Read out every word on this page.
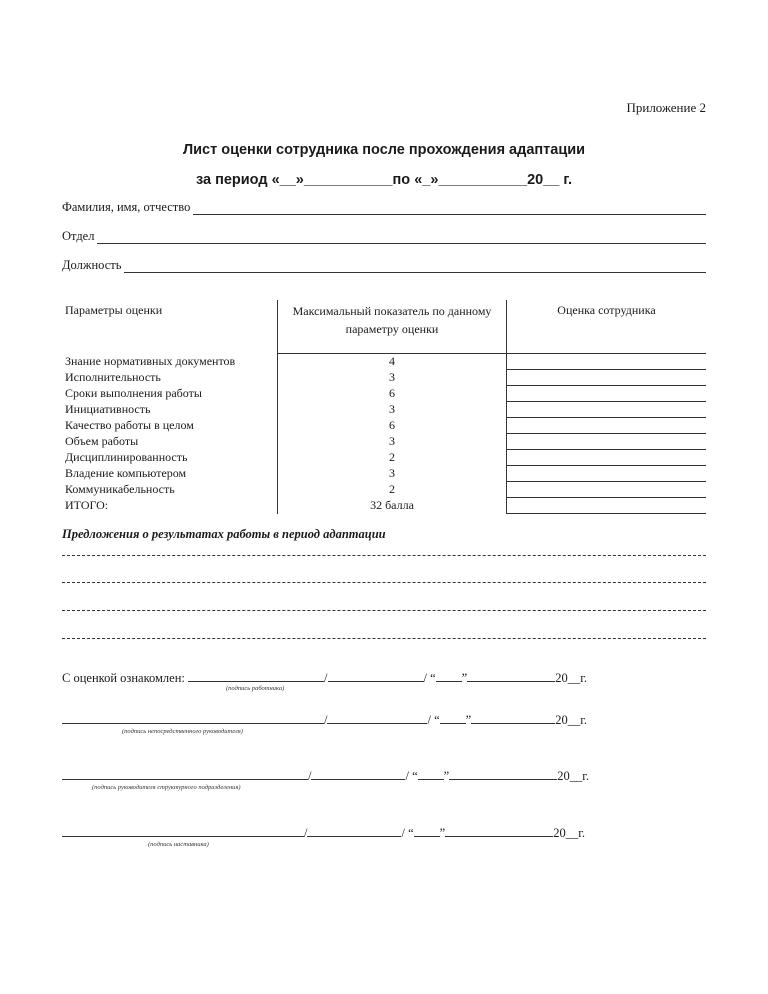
Приложение 2
Лист оценки сотрудника после прохождения адаптации
за период «__»___________по «_»___________20__ г.
Фамилия, имя, отчество
Отдел
Должность
Параметры оценки	Максимальный показатель по данному параметру оценки	Оценка сотрудника
Знание нормативных документов	4	
Исполнительность	3	
Сроки выполнения работы	6	
Инициативность	3	
Качество работы в целом	6	
Объем работы	3	
Дисциплинированность	2	
Владение компьютером	3	
Коммуникабельность	2	
ИТОГО:	32 балла	
Предложения о результатах работы в период адаптации
С оценкой ознакомлен:	/	/ “ ”	20__г.
(подпись работника)
/	/ “ ”	20__г.
(подпись непосредственного руководителя)
/	/ “ ”	20__г.
(подпись руководителя структурного подразделения)
/	/ “ ”	20__г.
(подпись наставника)
